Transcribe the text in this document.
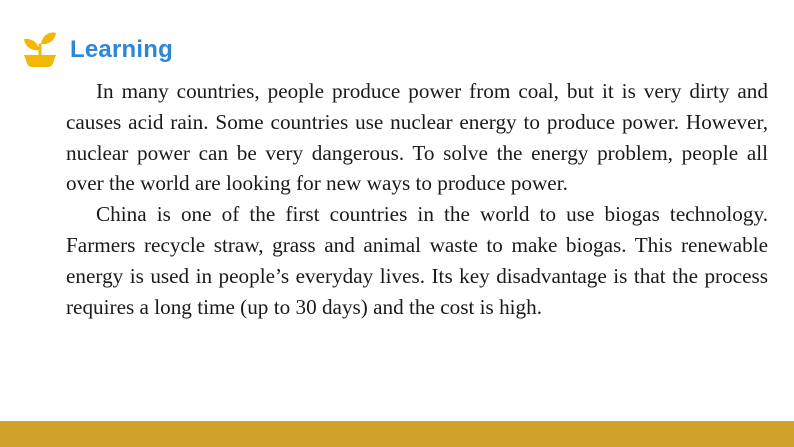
Learning

In many countries, people produce power from coal, but it is very dirty and causes acid rain. Some countries use nuclear energy to produce power. However, nuclear power can be very dangerous. To solve the energy problem, people all over the world are looking for new ways to produce power.

China is one of the first countries in the world to use biogas technology. Farmers recycle straw, grass and animal waste to make biogas. This renewable energy is used in people’s everyday lives. Its key disadvantage is that the process requires a long time (up to 30 days) and the cost is high.
